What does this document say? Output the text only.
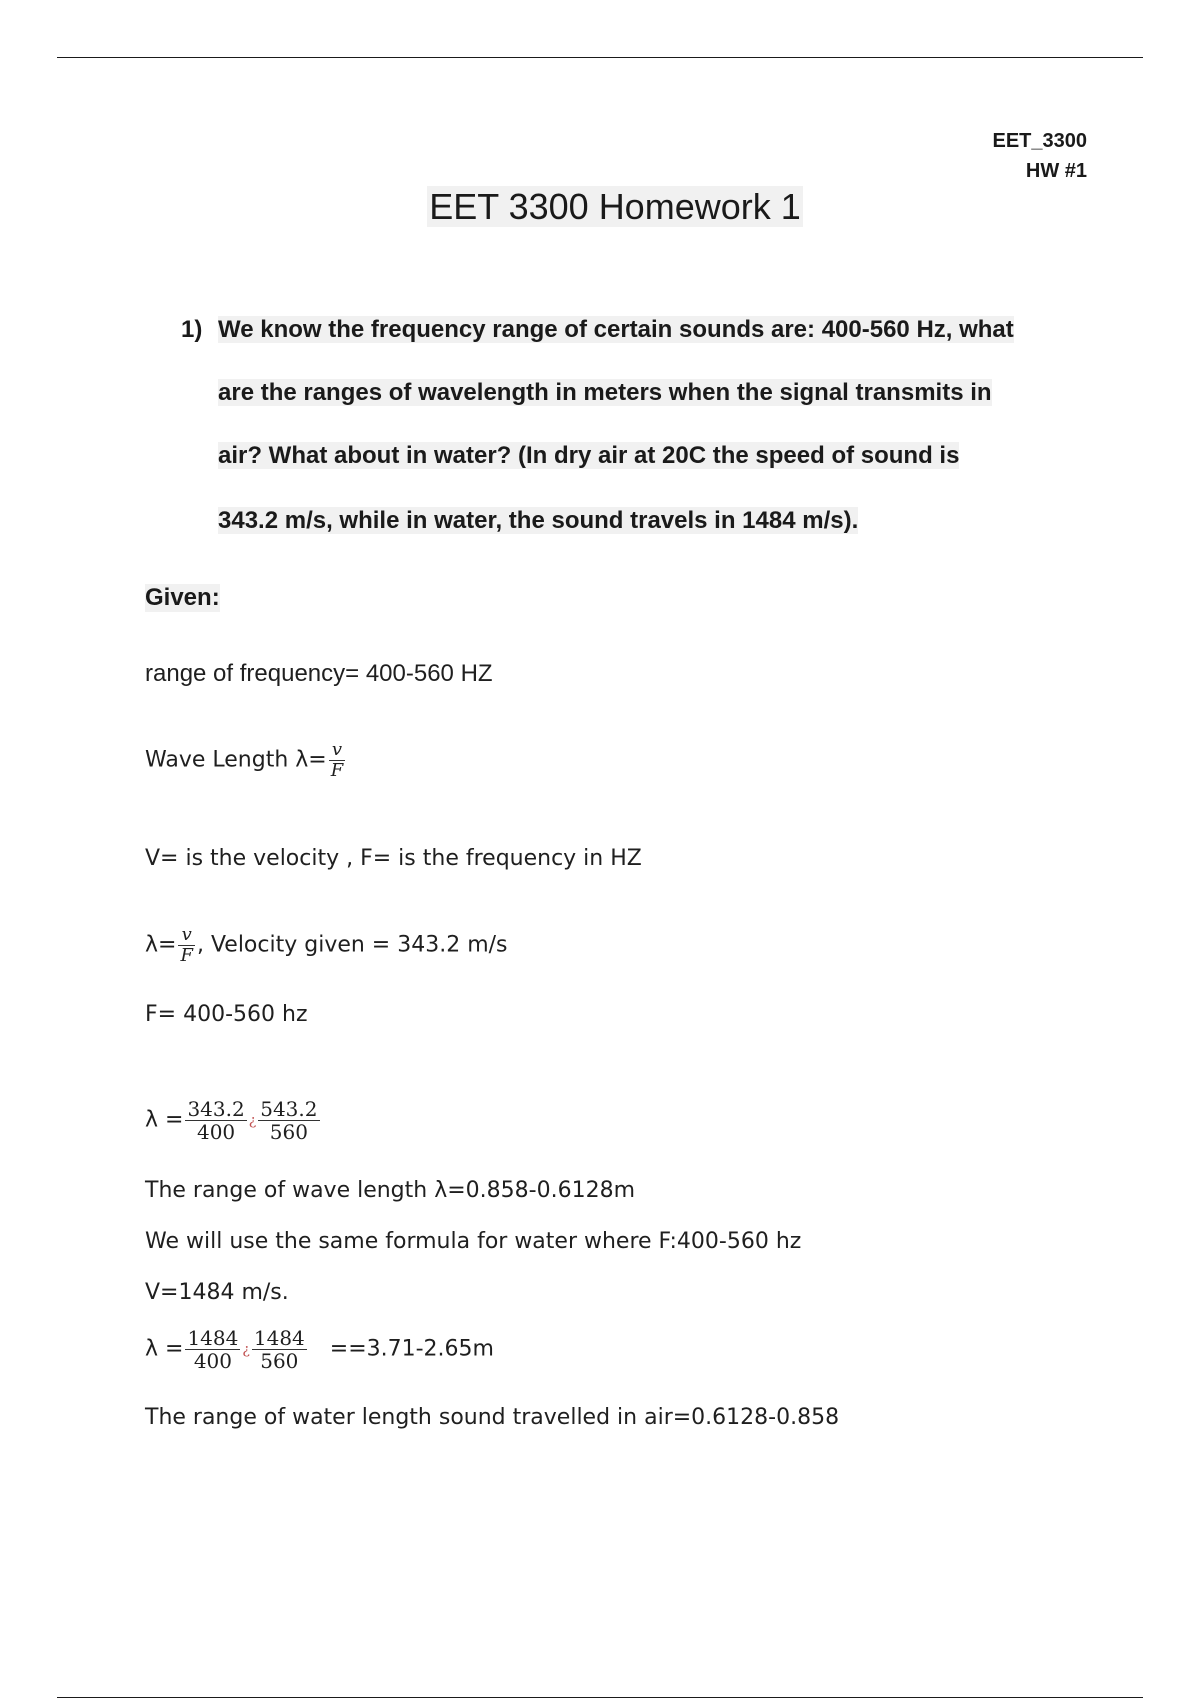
EET_3300
HW #1
EET 3300 Homework 1
1) We know the frequency range of certain sounds are: 400-560 Hz, what
are the ranges of wavelength in meters when the signal transmits in
air? What about in water? (In dry air at 20C the speed of sound is
343.2 m/s, while in water, the sound travels in 1484 m/s).
Given:
range of frequency= 400-560 HZ
Wave Length $\lambda= \frac{v}{F}$
V= is the velocity , F= is the frequency in HZ
$\lambda= \frac{v}{F}$ , Velocity given = 343.2 m/s
F= 400-560 hz
$\lambda = \frac{343.2}{400}$ ¿ $\frac{543.2}{560}$
The range of wave length λ=0.858-0.6128m
We will use the same formula for water where F:400-560 hz
V=1484 m/s.
$\lambda = \frac{1484}{400}$ ¿ $\frac{1484}{560} ==3.71-2.65m$
The range of water length sound travelled in air=0.6128-0.858
